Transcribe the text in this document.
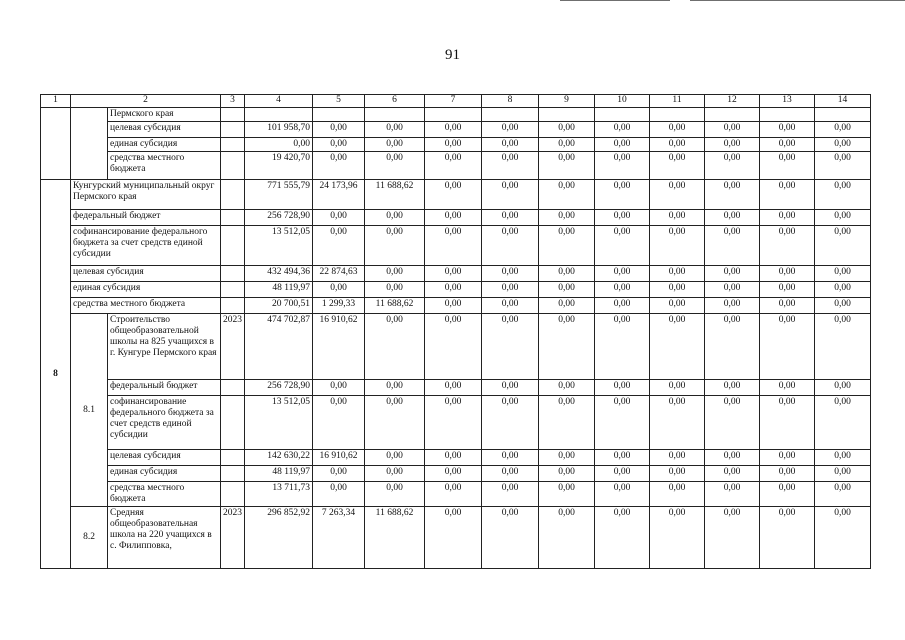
91
1	2		3	4	5	6	7	8	9	10	11	12	13	14
		Пермского края												
		целевая субсидия		101 958,70	0,00	0,00	0,00	0,00	0,00	0,00	0,00	0,00	0,00	0,00
		единая субсидия		0,00	0,00	0,00	0,00	0,00	0,00	0,00	0,00	0,00	0,00	0,00
		средства местного бюджета		19 420,70	0,00	0,00	0,00	0,00	0,00	0,00	0,00	0,00	0,00	0,00
8	Кунгурский муниципальный округ Пермского края			771 555,79	24 173,96	11 688,62	0,00	0,00	0,00	0,00	0,00	0,00	0,00	0,00
	федеральный бюджет			256 728,90	0,00	0,00	0,00	0,00	0,00	0,00	0,00	0,00	0,00	0,00
	софинансирование федерального бюджета за счет средств единой субсидии			13 512,05	0,00	0,00	0,00	0,00	0,00	0,00	0,00	0,00	0,00	0,00
	целевая субсидия			432 494,36	22 874,63	0,00	0,00	0,00	0,00	0,00	0,00	0,00	0,00	0,00
	единая субсидия			48 119,97	0,00	0,00	0,00	0,00	0,00	0,00	0,00	0,00	0,00	0,00
	средства местного бюджета			20 700,51	1 299,33	11 688,62	0,00	0,00	0,00	0,00	0,00	0,00	0,00	0,00
	8.1	Строительство общеобразовательной школы на 825 учащихся в г. Кунгуре Пермского края	2023	474 702,87	16 910,62	0,00	0,00	0,00	0,00	0,00	0,00	0,00	0,00	0,00
		федеральный бюджет		256 728,90	0,00	0,00	0,00	0,00	0,00	0,00	0,00	0,00	0,00	0,00
		софинансирование федерального бюджета за счет средств единой субсидии		13 512,05	0,00	0,00	0,00	0,00	0,00	0,00	0,00	0,00	0,00	0,00
		целевая субсидия		142 630,22	16 910,62	0,00	0,00	0,00	0,00	0,00	0,00	0,00	0,00	0,00
		единая субсидия		48 119,97	0,00	0,00	0,00	0,00	0,00	0,00	0,00	0,00	0,00	0,00
		средства местного бюджета		13 711,73	0,00	0,00	0,00	0,00	0,00	0,00	0,00	0,00	0,00	0,00
	8.2	Средняя общеобразовательная школа на 220 учащихся в с. Филипповка,	2023	296 852,92	7 263,34	11 688,62	0,00	0,00	0,00	0,00	0,00	0,00	0,00	0,00
